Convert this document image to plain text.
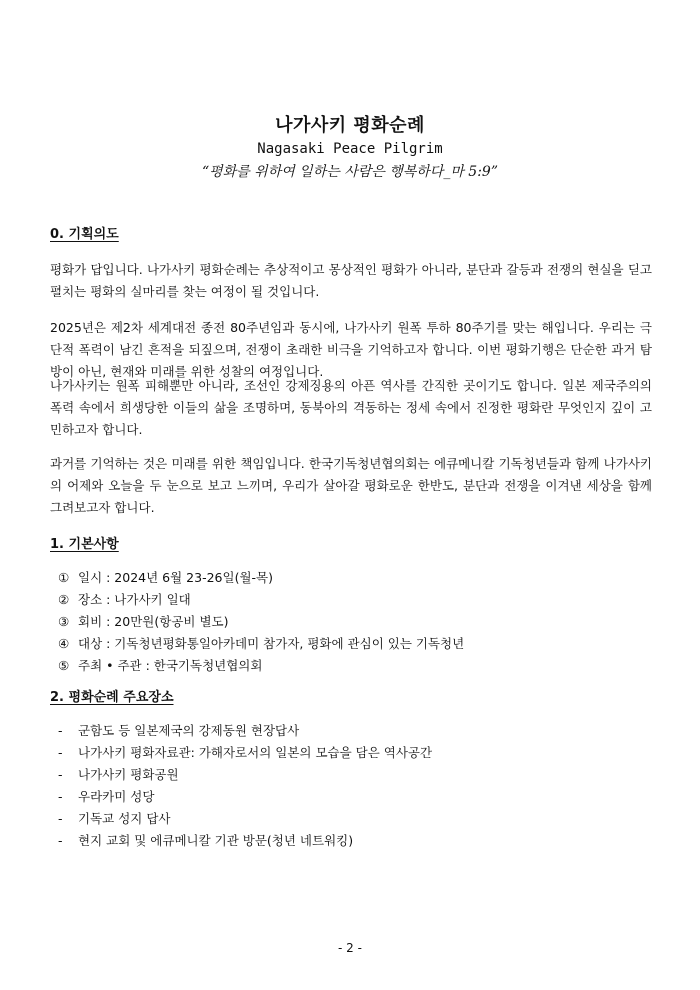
나가사키 평화순례
Nagasaki Peace Pilgrim
“평화를 위하여 일하는 사람은 행복하다_마 5:9”
0. 기획의도

평화가 답입니다. 나가사키 평화순례는 추상적이고 몽상적인 평화가 아니라, 분단과 갈등과 전쟁의 현실을 딛고 펼치는 평화의 실마리를 찾는 여정이 될 것입니다.

2025년은 제2차 세계대전 종전 80주년임과 동시에, 나가사키 원폭 투하 80주기를 맞는 해입니다. 우리는 극단적 폭력이 남긴 흔적을 되짚으며, 전쟁이 초래한 비극을 기억하고자 합니다. 이번 평화기행은 단순한 과거 탐방이 아닌, 현재와 미래를 위한 성찰의 여정입니다.

나가사키는 원폭 피해뿐만 아니라, 조선인 강제징용의 아픈 역사를 간직한 곳이기도 합니다. 일본 제국주의의 폭력 속에서 희생당한 이들의 삶을 조명하며, 동북아의 격동하는 정세 속에서 진정한 평화란 무엇인지 깊이 고민하고자 합니다.

과거를 기억하는 것은 미래를 위한 책임입니다. 한국기독청년협의회는 에큐메니칼 기독청년들과 함께 나가사키의 어제와 오늘을 두 눈으로 보고 느끼며, 우리가 살아갈 평화로운 한반도, 분단과 전쟁을 이겨낸 세상을 함께 그려보고자 합니다.

1. 기본사항
① 일시 : 2024년 6월 23-26일(월-목)
② 장소 : 나가사키 일대
③ 회비 : 20만원(항공비 별도)
④ 대상 : 기독청년평화통일아카데미 참가자, 평화에 관심이 있는 기독청년
⑤ 주최 • 주관 : 한국기독청년협의회
2. 평화순례 주요장소
- 군함도 등 일본제국의 강제동원 현장답사
- 나가사키 평화자료관: 가해자로서의 일본의 모습을 담은 역사공간
- 나가사키 평화공원
- 우라카미 성당
- 기독교 성지 답사
- 현지 교회 및 에큐메니칼 기관 방문(청년 네트워킹)
- 2 -
